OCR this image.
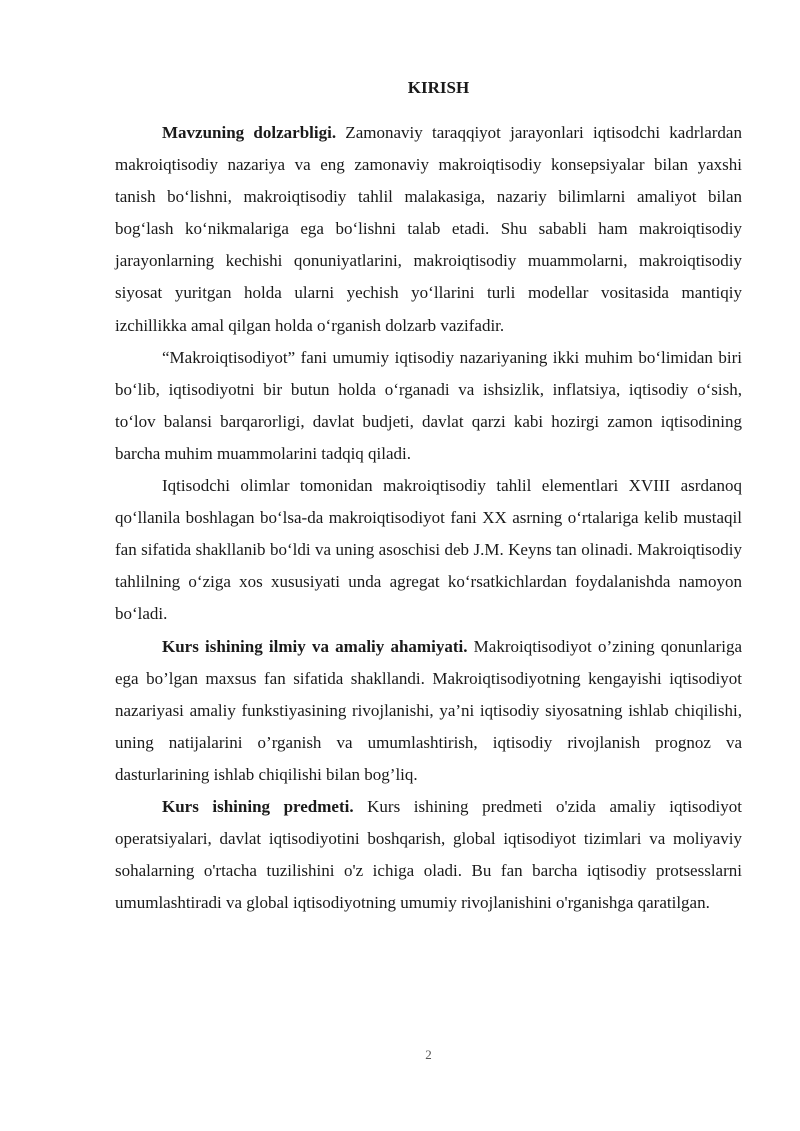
KIRISH

Mavzuning dolzarbligi. Zamonaviy taraqqiyot jarayonlari iqtisodchi kadrlardan makroiqtisodiy nazariya va eng zamonaviy makroiqtisodiy konsepsiyalar bilan yaxshi tanish bo‘lishni, makroiqtisodiy tahlil malakasiga, nazariy bilimlarni amaliyot bilan bog‘lash ko‘nikmalariga ega bo‘lishni talab etadi. Shu sababli ham makroiqtisodiy jarayonlarning kechishi qonuniyatlarini, makroiqtisodiy muammolarni, makroiqtisodiy siyosat yuritgan holda ularni yechish yo‘llarini turli modellar vositasida mantiqiy izchillikka amal qilgan holda o‘rganish dolzarb vazifadir.

“Makroiqtisodiyot” fani umumiy iqtisodiy nazariyaning ikki muhim bo‘limidan biri bo‘lib, iqtisodiyotni bir butun holda o‘rganadi va ishsizlik, inflatsiya, iqtisodiy o‘sish, to‘lov balansi barqarorligi, davlat budjeti, davlat qarzi kabi hozirgi zamon iqtisodining barcha muhim muammolarini tadqiq qiladi.

Iqtisodchi olimlar tomonidan makroiqtisodiy tahlil elementlari XVIII asrdanoq qo‘llanila boshlagan bo‘lsa-da makroiqtisodiyot fani XX asrning o‘rtalariga kelib mustaqil fan sifatida shakllanib bo‘ldi va uning asoschisi deb J.M. Keyns tan olinadi. Makroiqtisodiy tahlilning o‘ziga xos xususiyati unda agregat ko‘rsatkichlardan foydalanishda namoyon bo‘ladi.

Kurs ishining ilmiy va amaliy ahamiyati. Makroiqtisodiyot o’zining qonunlariga ega bo’lgan maxsus fan sifatida shakllandi. Makroiqtisodiyotning kengayishi iqtisodiyot nazariyasi amaliy funkstiyasining rivojlanishi, ya’ni iqtisodiy siyosatning ishlab chiqilishi, uning natijalarini o’rganish va umumlashtirish, iqtisodiy rivojlanish prognoz va dasturlarining ishlab chiqilishi bilan bog’liq.

Kurs ishining predmeti. Kurs ishining predmeti o'zida amaliy iqtisodiyot operatsiyalari, davlat iqtisodiyotini boshqarish, global iqtisodiyot tizimlari va moliyaviy sohalarning o'rtacha tuzilishini o'z ichiga oladi. Bu fan barcha iqtisodiy protsesslarni umumlashtiradi va global iqtisodiyotning umumiy rivojlanishini o'rganishga qaratilgan.

2
